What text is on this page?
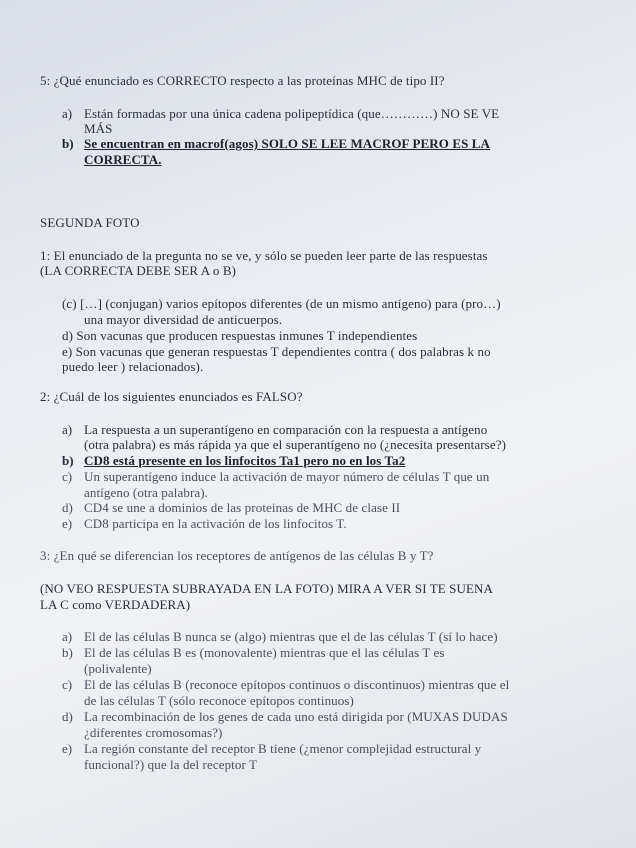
5: ¿Qué enunciado es CORRECTO respecto a las proteínas MHC de tipo II?
a) Están formadas por una única cadena polipeptídica (que…………) NO SE VE
MÁS
b) Se encuentran en macrof(agos) SOLO SE LEE MACROF PERO ES LA
CORRECTA.
SEGUNDA FOTO
1: El enunciado de la pregunta no se ve, y sólo se pueden leer parte de las respuestas
(LA CORRECTA DEBE SER A o B)
(c) […] (conjugan) varios epítopos diferentes (de un mismo antígeno) para (pro…)
una mayor diversidad de anticuerpos.
d) Son vacunas que producen respuestas inmunes T independientes
e) Son vacunas que generan respuestas T dependientes contra ( dos palabras k no
puedo leer ) relacionados).
2: ¿Cuál de los siguientes enunciados es FALSO?
a) La respuesta a un superantígeno en comparación con la respuesta a antígeno
(otra palabra) es más rápida ya que el superantígeno no (¿necesita presentarse?)
b) CD8 está presente en los linfocitos Ta1 pero no en los Ta2
c) Un superantígeno induce la activación de mayor número de células T que un
antígeno (otra palabra).
d) CD4 se une a dominios de las proteinas de MHC de clase II
e) CD8 participa en la activación de los linfocitos T.
3: ¿En qué se diferencian los receptores de antígenos de las células B y T?
(NO VEO RESPUESTA SUBRAYADA EN LA FOTO) MIRA A VER SI TE SUENA
LA C como VERDADERA)
a) El de las células B nunca se (algo) mientras que el de las células T (sí lo hace)
b) El de las células B es (monovalente) mientras que el las células T es
(polivalente)
c) El de las células B (reconoce epítopos continuos o discontinuos) mientras que el
de las células T (sólo reconoce epítopos continuos)
d) La recombinación de los genes de cada uno está dirigida por (MUXAS DUDAS
¿diferentes cromosomas?)
e) La región constante del receptor B tiene (¿menor complejidad estructural y
funcional?) que la del receptor T
